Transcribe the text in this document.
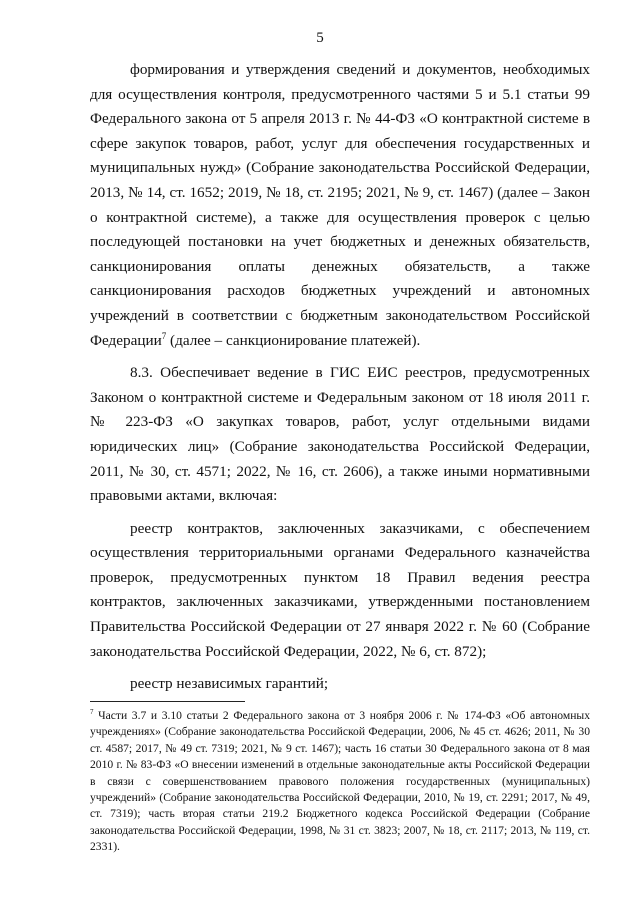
5

формирования и утверждения сведений и документов, необходимых для осуществления контроля, предусмотренного частями 5 и 5.1 статьи 99 Федерального закона от 5 апреля 2013 г. № 44-ФЗ «О контрактной системе в сфере закупок товаров, работ, услуг для обеспечения государственных и муниципальных нужд» (Собрание законодательства Российской Федерации, 2013, № 14, ст. 1652; 2019, № 18, ст. 2195; 2021, № 9, ст. 1467) (далее – Закон о контрактной системе), а также для осуществления проверок с целью последующей постановки на учет бюджетных и денежных обязательств, санкционирования оплаты денежных обязательств, а также санкционирования расходов бюджетных учреждений и автономных учреждений в соответствии с бюджетным законодательством Российской Федерации$^7$ (далее – санкционирование платежей).

8.3. Обеспечивает ведение в ГИС ЕИС реестров, предусмотренных Законом о контрактной системе и Федеральным законом от 18 июля 2011 г. № 223-ФЗ «О закупках товаров, работ, услуг отдельными видами юридических лиц» (Собрание законодательства Российской Федерации, 2011, № 30, ст. 4571; 2022, № 16, ст. 2606), а также иными нормативными правовыми актами, включая:

реестр контрактов, заключенных заказчиками, с обеспечением осуществления территориальными органами Федерального казначейства проверок, предусмотренных пунктом 18 Правил ведения реестра контрактов, заключенных заказчиками, утвержденными постановлением Правительства Российской Федерации от 27 января 2022 г. № 60 (Собрание законодательства Российской Федерации, 2022, № 6, ст. 872);

реестр независимых гарантий;

$^7$ Части 3.7 и 3.10 статьи 2 Федерального закона от 3 ноября 2006 г. № 174-ФЗ «Об автономных учреждениях» (Собрание законодательства Российской Федерации, 2006, № 45 ст. 4626; 2011, № 30 ст. 4587; 2017, № 49 ст. 7319; 2021, № 9 ст. 1467); часть 16 статьи 30 Федерального закона от 8 мая 2010 г. № 83-ФЗ «О внесении изменений в отдельные законодательные акты Российской Федерации в связи с совершенствованием правового положения государственных (муниципальных) учреждений» (Собрание законодательства Российской Федерации, 2010, № 19, ст. 2291; 2017, № 49, ст. 7319); часть вторая статьи 219.2 Бюджетного кодекса Российской Федерации (Собрание законодательства Российской Федерации, 1998, № 31 ст. 3823; 2007, № 18, ст. 2117; 2013, № 119, ст. 2331).
